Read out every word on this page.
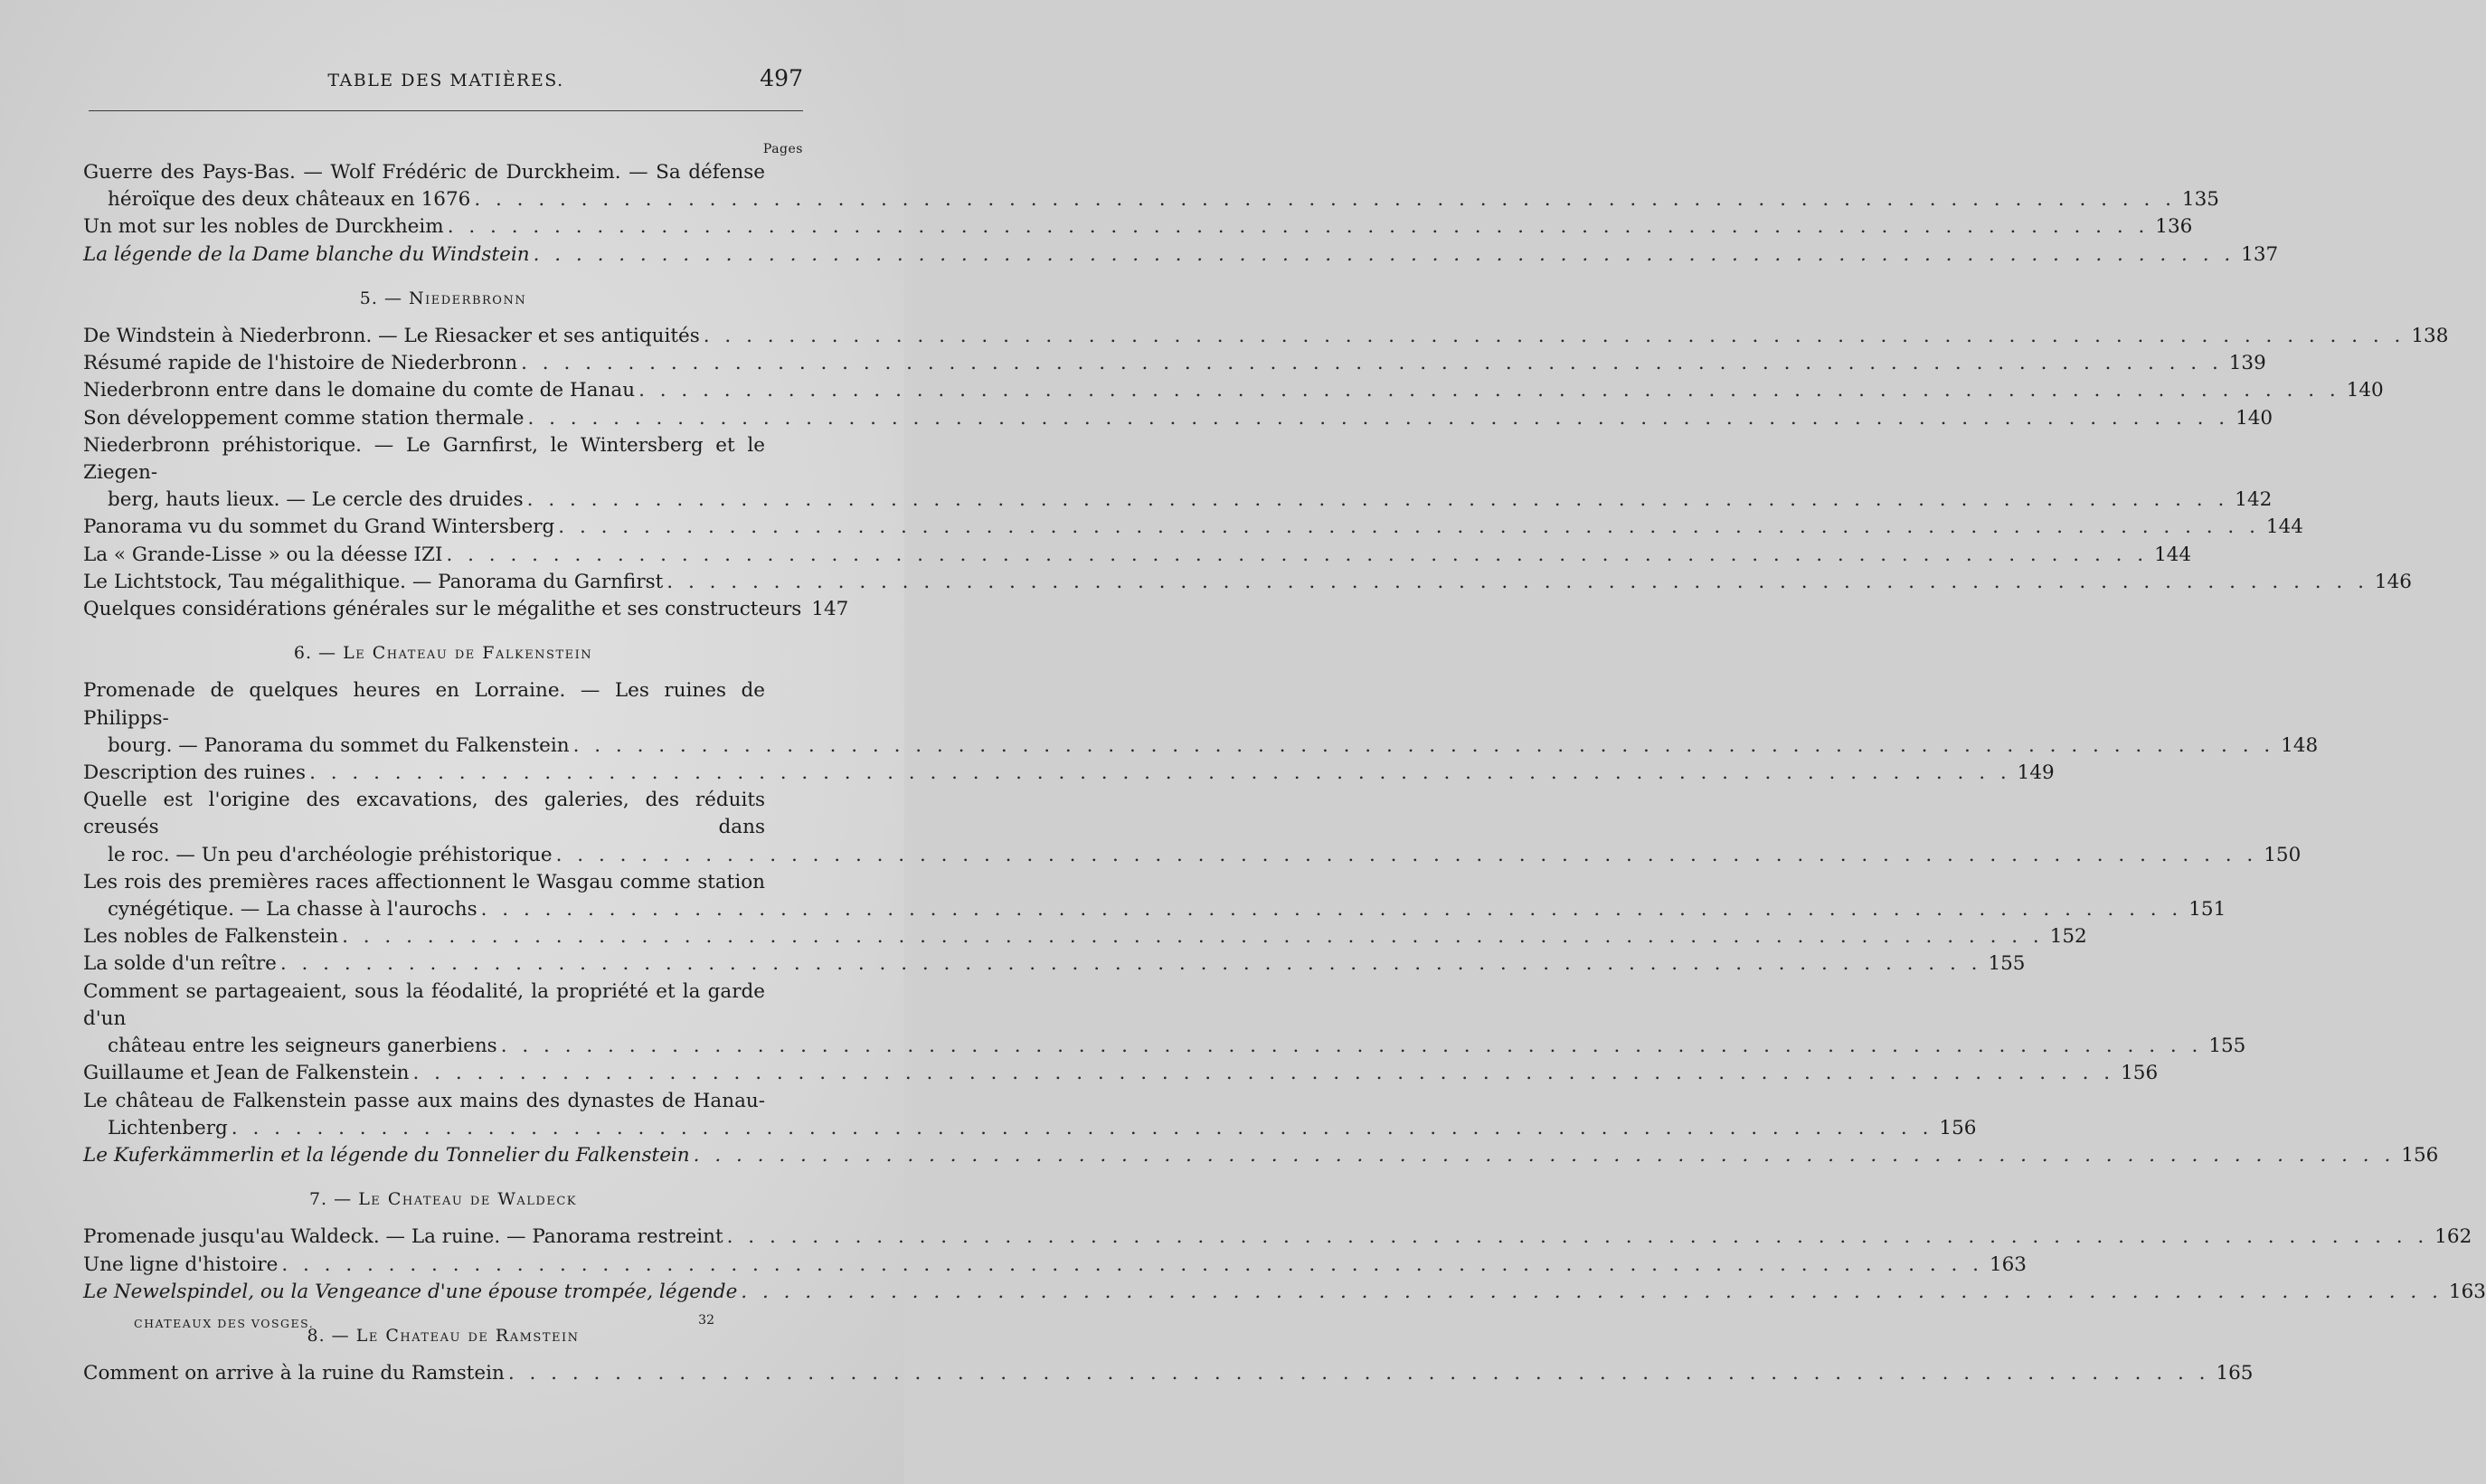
TABLE DES MATIÈRES.	497
Pages
Guerre des Pays-Bas. — Wolf Frédéric de Durckheim. — Sa défense
héroïque des deux châteaux en 1676 . . . . . . . . . . . . . . . . . . . . . . . . . . . . . . . . . . . . . . . . . . . . . . . . . . . . . . . . . . . . . . . . . . . . . . . . . . . . . . . . 135
Un mot sur les nobles de Durckheim . . . . . . . . . . . . . . . . . . . . . . . . . . . . . . . . . . . . . . . . . . . . . . . . . . . . . . . . . . . . . . . . . . . . . . . . . . . . . . . . 136
La légende de la Dame blanche du Windstein . . . . . . . . . . . . . . . . . . . . . . . . . . . . . . . . . . . . . . . . . . . . . . . . . . . . . . . . . . . . . . . . . . . . . . . . . . . . . . . . 137
5. — Niederbronn
De Windstein à Niederbronn. — Le Riesacker et ses antiquités . . . . . . . . . . . . . . . . . . . . . . . . . . . . . . . . . . . . . . . . . . . . . . . . . . . . . . . . . . . . . . . . . . . . . . . . . . . . . . . . 138
Résumé rapide de l'histoire de Niederbronn . . . . . . . . . . . . . . . . . . . . . . . . . . . . . . . . . . . . . . . . . . . . . . . . . . . . . . . . . . . . . . . . . . . . . . . . . . . . . . . . 139
Niederbronn entre dans le domaine du comte de Hanau . . . . . . . . . . . . . . . . . . . . . . . . . . . . . . . . . . . . . . . . . . . . . . . . . . . . . . . . . . . . . . . . . . . . . . . . . . . . . . . . 140
Son développement comme station thermale . . . . . . . . . . . . . . . . . . . . . . . . . . . . . . . . . . . . . . . . . . . . . . . . . . . . . . . . . . . . . . . . . . . . . . . . . . . . . . . . 140
Niederbronn préhistorique. — Le Garnfirst, le Wintersberg et le Ziegen-
berg, hauts lieux. — Le cercle des druides . . . . . . . . . . . . . . . . . . . . . . . . . . . . . . . . . . . . . . . . . . . . . . . . . . . . . . . . . . . . . . . . . . . . . . . . . . . . . . . . 142
Panorama vu du sommet du Grand Wintersberg . . . . . . . . . . . . . . . . . . . . . . . . . . . . . . . . . . . . . . . . . . . . . . . . . . . . . . . . . . . . . . . . . . . . . . . . . . . . . . . . 144
La « Grande-Lisse » ou la déesse IZI . . . . . . . . . . . . . . . . . . . . . . . . . . . . . . . . . . . . . . . . . . . . . . . . . . . . . . . . . . . . . . . . . . . . . . . . . . . . . . . . 144
Le Lichtstock, Tau mégalithique. — Panorama du Garnfirst . . . . . . . . . . . . . . . . . . . . . . . . . . . . . . . . . . . . . . . . . . . . . . . . . . . . . . . . . . . . . . . . . . . . . . . . . . . . . . . . 146
Quelques considérations générales sur le mégalithe et ses constructeurs 147
6. — Le Chateau de Falkenstein
Promenade de quelques heures en Lorraine. — Les ruines de Philipps-
bourg. — Panorama du sommet du Falkenstein . . . . . . . . . . . . . . . . . . . . . . . . . . . . . . . . . . . . . . . . . . . . . . . . . . . . . . . . . . . . . . . . . . . . . . . . . . . . . . . . 148
Description des ruines . . . . . . . . . . . . . . . . . . . . . . . . . . . . . . . . . . . . . . . . . . . . . . . . . . . . . . . . . . . . . . . . . . . . . . . . . . . . . . . . 149
Quelle est l'origine des excavations, des galeries, des réduits creusés dans
le roc. — Un peu d'archéologie préhistorique . . . . . . . . . . . . . . . . . . . . . . . . . . . . . . . . . . . . . . . . . . . . . . . . . . . . . . . . . . . . . . . . . . . . . . . . . . . . . . . . 150
Les rois des premières races affectionnent le Wasgau comme station
cynégétique. — La chasse à l'aurochs . . . . . . . . . . . . . . . . . . . . . . . . . . . . . . . . . . . . . . . . . . . . . . . . . . . . . . . . . . . . . . . . . . . . . . . . . . . . . . . . 151
Les nobles de Falkenstein . . . . . . . . . . . . . . . . . . . . . . . . . . . . . . . . . . . . . . . . . . . . . . . . . . . . . . . . . . . . . . . . . . . . . . . . . . . . . . . . 152
La solde d'un reître . . . . . . . . . . . . . . . . . . . . . . . . . . . . . . . . . . . . . . . . . . . . . . . . . . . . . . . . . . . . . . . . . . . . . . . . . . . . . . . . 155
Comment se partageaient, sous la féodalité, la propriété et la garde d'un
château entre les seigneurs ganerbiens . . . . . . . . . . . . . . . . . . . . . . . . . . . . . . . . . . . . . . . . . . . . . . . . . . . . . . . . . . . . . . . . . . . . . . . . . . . . . . . . 155
Guillaume et Jean de Falkenstein . . . . . . . . . . . . . . . . . . . . . . . . . . . . . . . . . . . . . . . . . . . . . . . . . . . . . . . . . . . . . . . . . . . . . . . . . . . . . . . . 156
Le château de Falkenstein passe aux mains des dynastes de Hanau-
Lichtenberg . . . . . . . . . . . . . . . . . . . . . . . . . . . . . . . . . . . . . . . . . . . . . . . . . . . . . . . . . . . . . . . . . . . . . . . . . . . . . . . . 156
Le Kuferkämmerlin et la légende du Tonnelier du Falkenstein . . . . . . . . . . . . . . . . . . . . . . . . . . . . . . . . . . . . . . . . . . . . . . . . . . . . . . . . . . . . . . . . . . . . . . . . . . . . . . . . 156
7. — Le Chateau de Waldeck
Promenade jusqu'au Waldeck. — La ruine. — Panorama restreint . . . . . . . . . . . . . . . . . . . . . . . . . . . . . . . . . . . . . . . . . . . . . . . . . . . . . . . . . . . . . . . . . . . . . . . . . . . . . . . . 162
Une ligne d'histoire . . . . . . . . . . . . . . . . . . . . . . . . . . . . . . . . . . . . . . . . . . . . . . . . . . . . . . . . . . . . . . . . . . . . . . . . . . . . . . . . 163
Le Newelspindel, ou la Vengeance d'une épouse trompée, légende . . . . . . . . . . . . . . . . . . . . . . . . . . . . . . . . . . . . . . . . . . . . . . . . . . . . . . . . . . . . . . . . . . . . . . . . . . . . . . . . 163
8. — Le Chateau de Ramstein
Comment on arrive à la ruine du Ramstein . . . . . . . . . . . . . . . . . . . . . . . . . . . . . . . . . . . . . . . . . . . . . . . . . . . . . . . . . . . . . . . . . . . . . . . . . . . . . . . . 165
CHATEAUX DES VOSGES.	32
